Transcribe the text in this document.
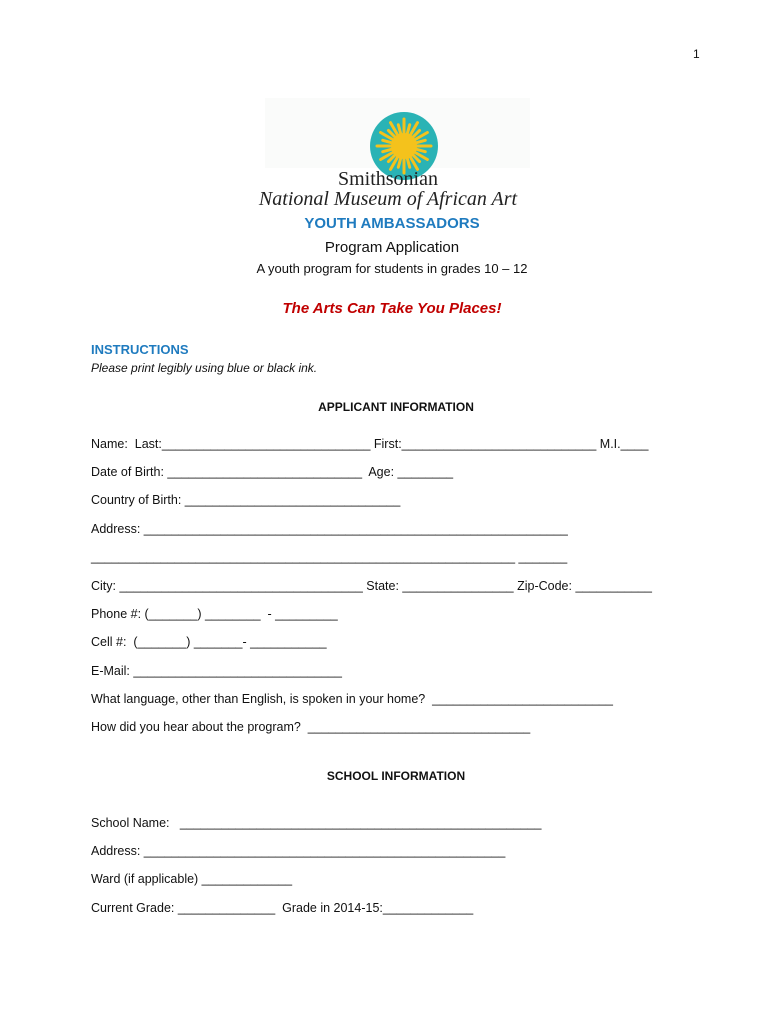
1

Smithsonian
National Museum of African Art
YOUTH AMBASSADORS
Program Application
A youth program for students in grades 10 – 12
The Arts Can Take You Places!
INSTRUCTIONS
Please print legibly using blue or black ink.
APPLICANT INFORMATION
Name:  Last:______________________________ First:____________________________ M.I.____
Date of Birth: ____________________________  Age: ________
Country of Birth: _______________________________
Address: _____________________________________________________________
_____________________________________________________________ _______
City: ___________________________________ State: ________________ Zip-Code: ___________
Phone #: (_______) ________  - _________
Cell #:  (_______) _______- ___________
E-Mail: ______________________________
What language, other than English, is spoken in your home?  __________________________
How did you hear about the program?  ________________________________
SCHOOL INFORMATION
School Name:   ____________________________________________________
Address: ____________________________________________________
Ward (if applicable) _____________
Current Grade: ______________  Grade in 2014-15:_____________
